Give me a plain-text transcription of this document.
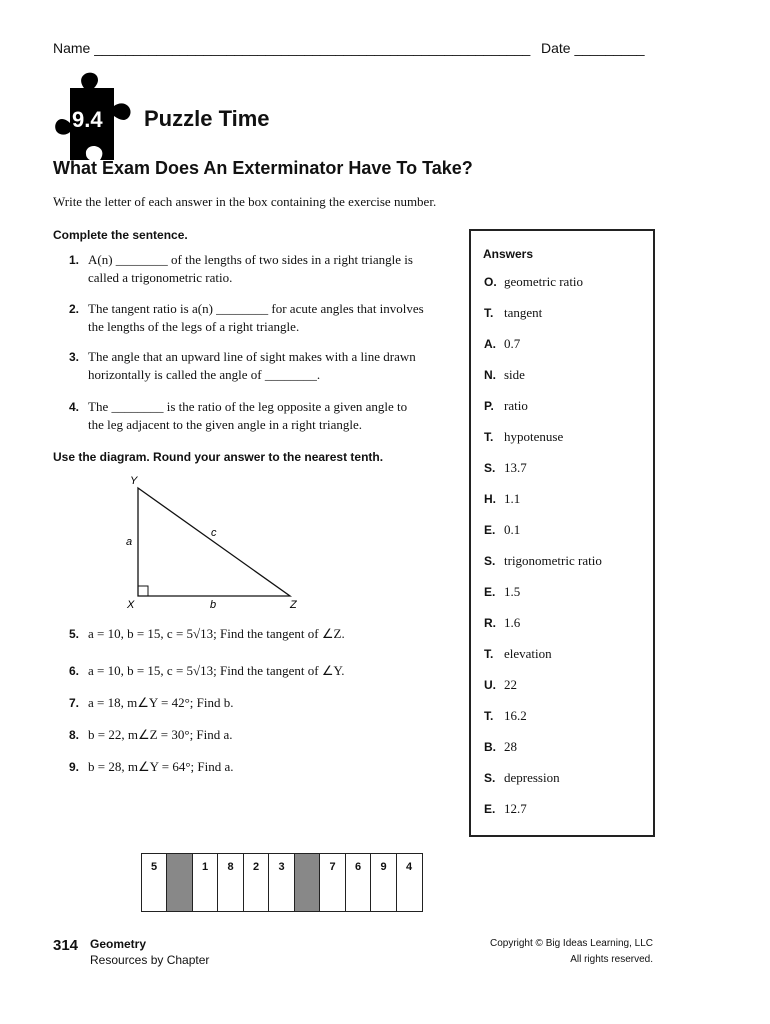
Name ________________________________________________________ Date _________
9.4	Puzzle Time
What Exam Does An Exterminator Have To Take?
Write the letter of each answer in the box containing the exercise number.
Complete the sentence.
1. A(n) ________ of the lengths of two sides in a right triangle is
called a trigonometric ratio.
2. The tangent ratio is a(n) ________ for acute angles that involves
the lengths of the legs of a right triangle.
3. The angle that an upward line of sight makes with a line drawn
horizontally is called the angle of ________.
4. The ________ is the ratio of the leg opposite a given angle to
the leg adjacent to the given angle in a right triangle.
Use the diagram. Round your answer to the nearest tenth.
Y
X	Z
a
b
c
5. a = 10, b = 15, c = 5√13; Find the tangent of ∠Z.
6. a = 10, b = 15, c = 5√13; Find the tangent of ∠Y.
7. a = 18, m∠Y = 42°; Find b.
8. b = 22, m∠Z = 30°; Find a.
9. b = 28, m∠Y = 64°; Find a.
Answers
O. geometric ratio
T. tangent
A. 0.7
N. side
P. ratio
T. hypotenuse
S. 13.7
H. 1.1
E. 0.1
S. trigonometric ratio
E. 1.5
R. 1.6
T. elevation
U. 22
T. 16.2
B. 28
S. depression
E. 12.7
5	1	8	2	3	7	6	9	4
314 Geometry
Resources by Chapter
Copyright © Big Ideas Learning, LLC
All rights reserved.
